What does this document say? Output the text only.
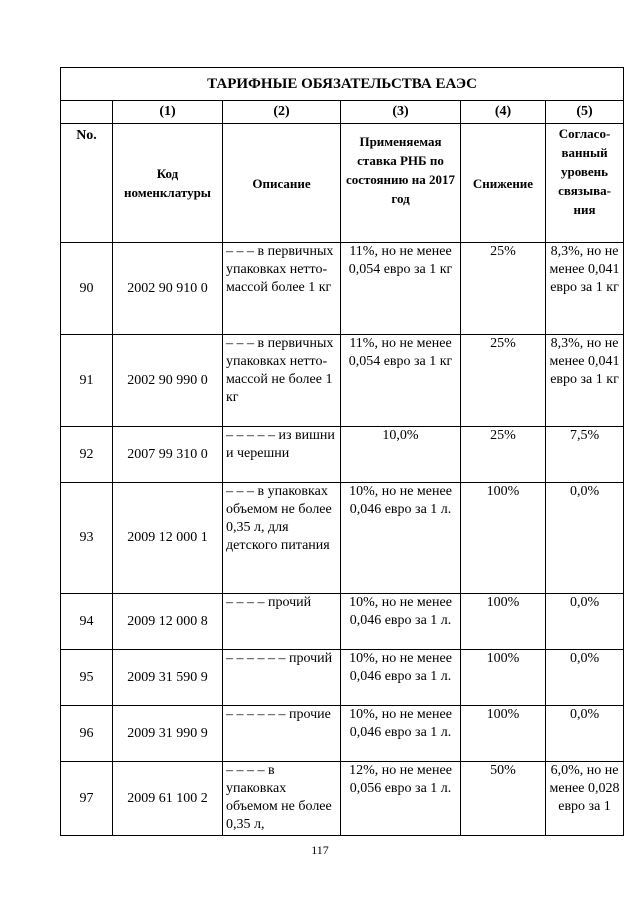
ТАРИФНЫЕ ОБЯЗАТЕЛЬСТВА ЕАЭС					
	(1)	(2)	(3)	(4)	(5)
No.	Код номенклатуры	Описание	Применяемая ставка РНБ по состоянию на 2017 год	Снижение	Согласо-ванный уровень связыва-ния
90	2002 90 910 0	– – – в первичных упаковках нетто-массой более 1 кг	11%, но не менее 0,054 евро за 1 кг	25%	8,3%, но не менее 0,041 евро за 1 кг
91	2002 90 990 0	– – – в первичных упаковках нетто-массой не более 1 кг	11%, но не менее 0,054 евро за 1 кг	25%	8,3%, но не менее 0,041 евро за 1 кг
92	2007 99 310 0	– – – – – из вишни и черешни	10,0%	25%	7,5%
93	2009 12 000 1	– – – в упаковках объемом не более 0,35 л, для детского питания	10%, но не менее 0,046 евро за 1 л.	100%	0,0%
94	2009 12 000 8	– – – – прочий	10%, но не менее 0,046 евро за 1 л.	100%	0,0%
95	2009 31 590 9	– – – – – – прочий	10%, но не менее 0,046 евро за 1 л.	100%	0,0%
96	2009 31 990 9	– – – – – – прочие	10%, но не менее 0,046 евро за 1 л.	100%	0,0%
97	2009 61 100 2	– – – – в упаковках объемом не более 0,35 л,	12%, но не менее 0,056 евро за 1 л.	50%	6,0%, но не менее 0,028 евро за 1
117
